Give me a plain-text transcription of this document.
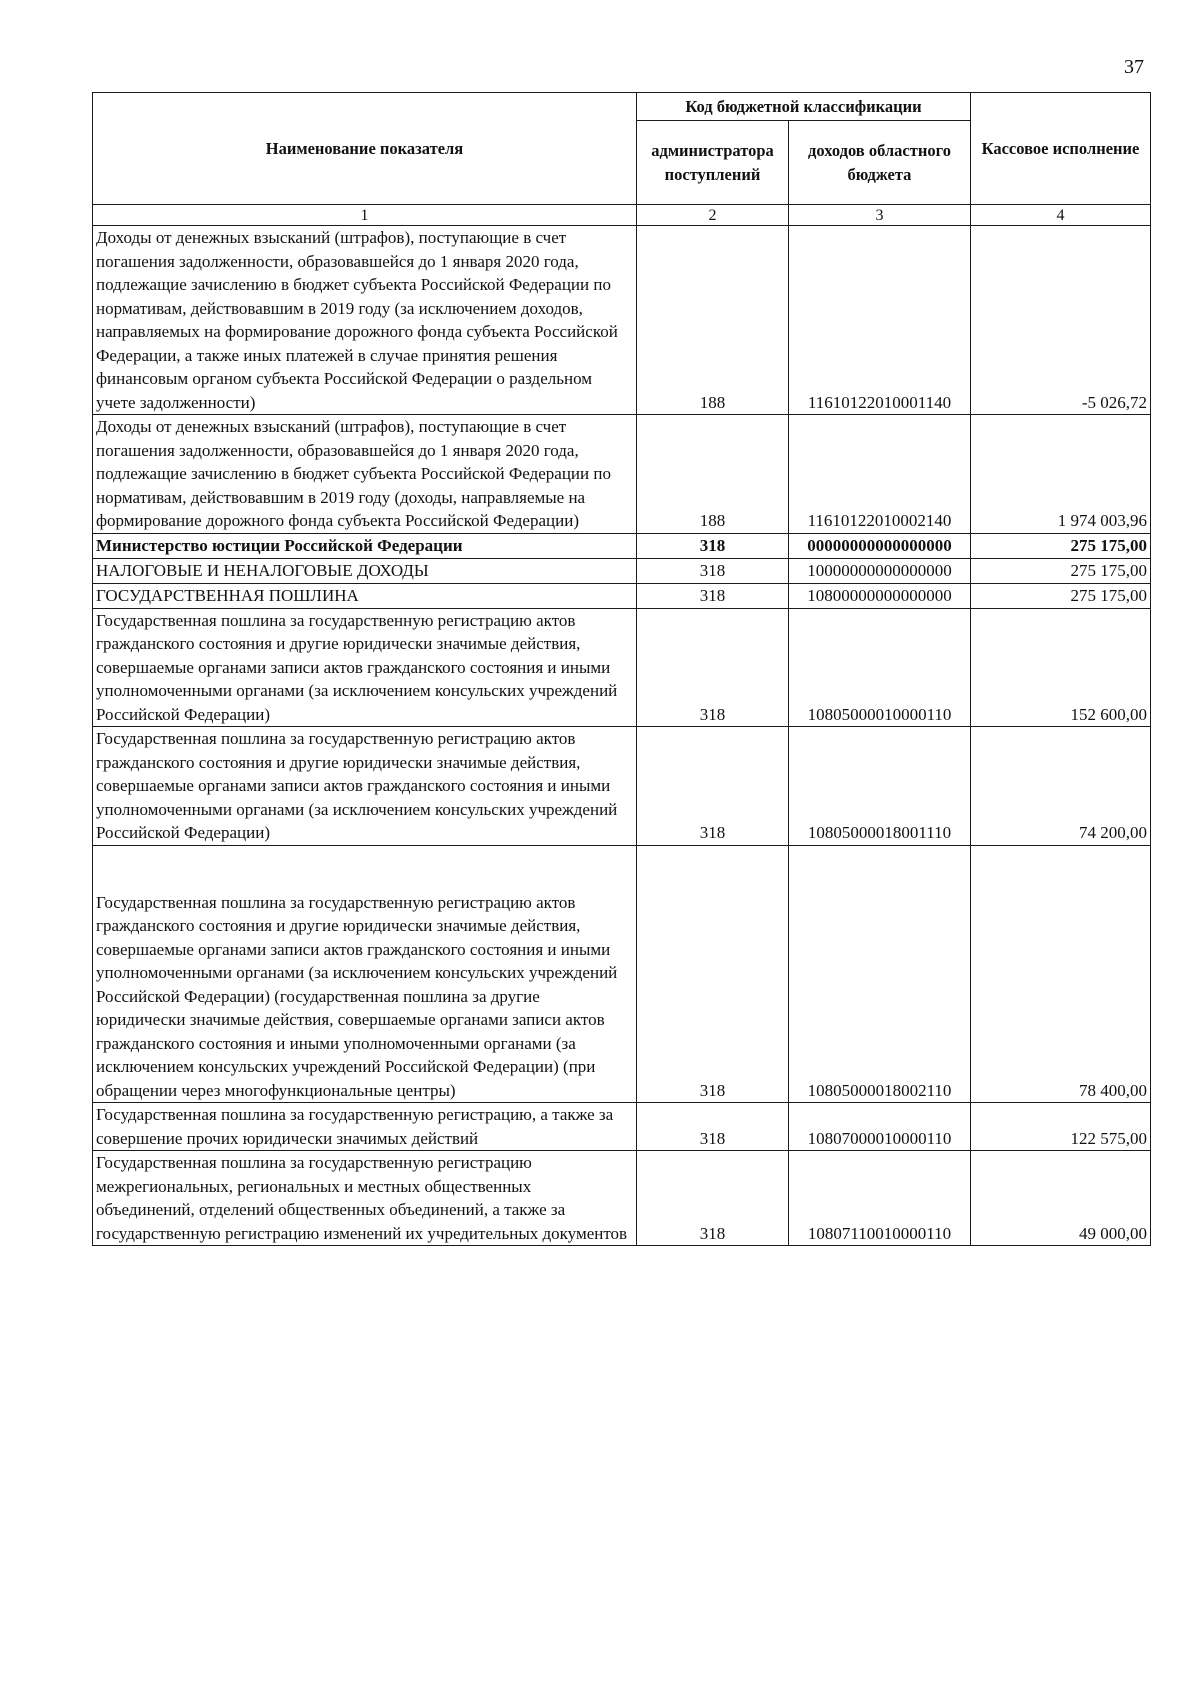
37
Наименование показателя	Код бюджетной классификации		Кассовое исполнение
	администратора поступлений	доходов областного бюджета	
1	2	3	4
Доходы от денежных взысканий (штрафов), поступающие в счет погашения задолженности, образовавшейся до 1 января 2020 года, подлежащие зачислению в бюджет субъекта Российской Федерации по нормативам, действовавшим в 2019 году (за исключением доходов, направляемых на формирование дорожного фонда субъекта Российской Федерации, а также иных платежей в случае принятия решения финансовым органом субъекта Российской Федерации о раздельном учете задолженности)	188	11610122010001140	-5 026,72
Доходы от денежных взысканий (штрафов), поступающие в счет погашения задолженности, образовавшейся до 1 января 2020 года, подлежащие зачислению в бюджет субъекта Российской Федерации по нормативам, действовавшим в 2019 году (доходы, направляемые на формирование дорожного фонда субъекта Российской Федерации)	188	11610122010002140	1 974 003,96
Министерство юстиции Российской Федерации	318	00000000000000000	275 175,00
НАЛОГОВЫЕ И НЕНАЛОГОВЫЕ ДОХОДЫ	318	10000000000000000	275 175,00
ГОСУДАРСТВЕННАЯ ПОШЛИНА	318	10800000000000000	275 175,00
Государственная пошлина за государственную регистрацию актов гражданского состояния и другие юридически значимые действия, совершаемые органами записи актов гражданского состояния и иными уполномоченными органами (за исключением консульских учреждений Российской Федерации)	318	10805000010000110	152 600,00
Государственная пошлина за государственную регистрацию актов гражданского состояния и другие юридически значимые действия, совершаемые органами записи актов гражданского состояния и иными уполномоченными органами (за исключением консульских учреждений Российской Федерации)	318	10805000018001110	74 200,00
Государственная пошлина за государственную регистрацию актов гражданского состояния и другие юридически значимые действия, совершаемые органами записи актов гражданского состояния и иными уполномоченными органами (за исключением консульских учреждений Российской Федерации) (государственная пошлина за другие юридически значимые действия, совершаемые органами записи актов гражданского состояния и иными уполномоченными органами (за исключением консульских учреждений Российской Федерации) (при обращении через многофункциональные центры)	318	10805000018002110	78 400,00
Государственная пошлина за государственную регистрацию, а также за совершение прочих юридически значимых действий	318	10807000010000110	122 575,00
Государственная пошлина за государственную регистрацию межрегиональных, региональных и местных общественных объединений, отделений общественных объединений, а также за государственную регистрацию изменений их учредительных документов	318	10807110010000110	49 000,00
